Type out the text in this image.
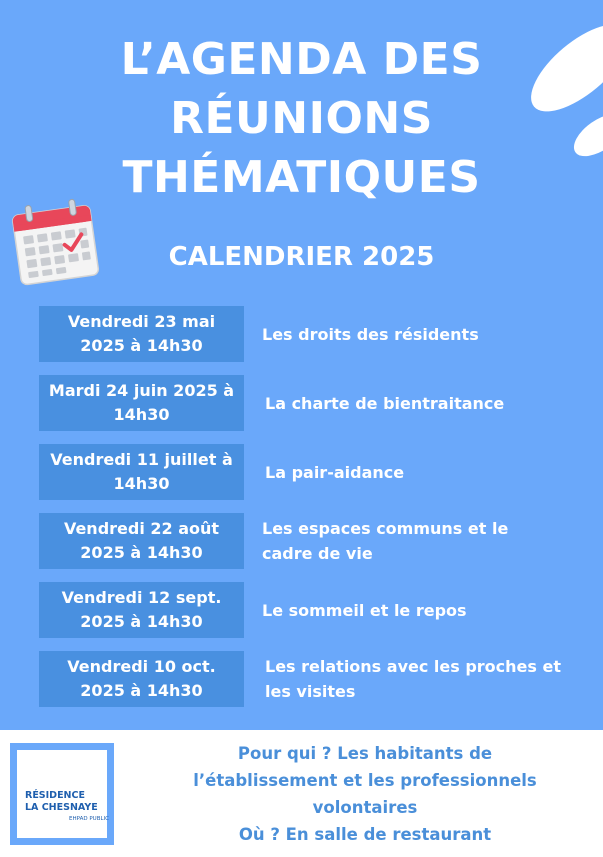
L’AGENDA DES
RÉUNIONS
THÉMATIQUES
CALENDRIER 2025
Vendredi 23 mai 2025 à 14h30
Les droits des résidents
Mardi 24 juin 2025 à 14h30
La charte de bientraitance
Vendredi 11 juillet à 14h30
La pair-aidance
Vendredi 22 août 2025 à 14h30
Les espaces communs et le cadre de vie
Vendredi 12 sept. 2025 à 14h30
Le sommeil et le repos
Vendredi 10 oct. 2025 à 14h30
Les relations avec les proches et les visites
RÉSIDENCE
LA CHESNAYE
EHPAD PUBLIC
Pour qui ? Les habitants de
l’établissement et les professionnels
volontaires
Où ? En salle de restaurant
